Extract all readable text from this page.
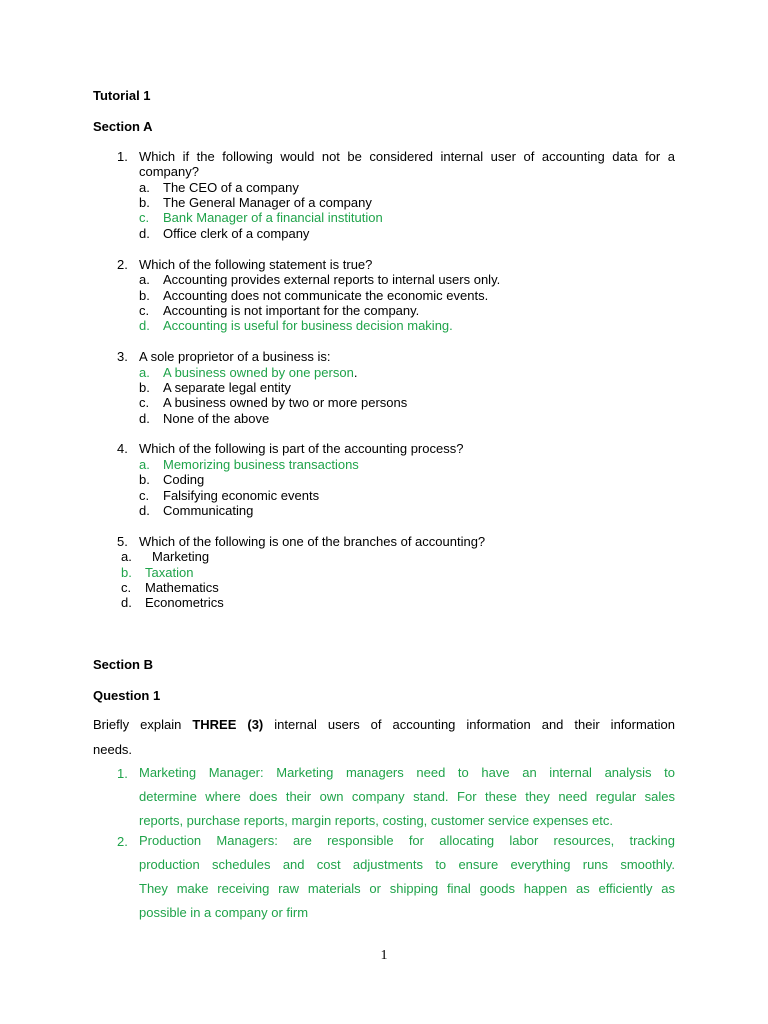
Tutorial 1
Section A
1. Which if the following would not be considered internal user of accounting data for a
company?
a. The CEO of a company
b. The General Manager of a company
c. Bank Manager of a financial institution
d. Office clerk of a company
2. Which of the following statement is true?
a. Accounting provides external reports to internal users only.
b. Accounting does not communicate the economic events.
c. Accounting is not important for the company.
d. Accounting is useful for business decision making.
3. A sole proprietor of a business is:
a. A business owned by one person.
b. A separate legal entity
c. A business owned by two or more persons
d. None of the above
4. Which of the following is part of the accounting process?
a. Memorizing business transactions
b. Coding
c. Falsifying economic events
d. Communicating
5. Which of the following is one of the branches of accounting?
a. Marketing
b. Taxation
c. Mathematics
d. Econometrics
Section B
Question 1
Briefly explain THREE (3) internal users of accounting information and their information
needs.
1. Marketing Manager: Marketing managers need to have an internal analysis to
determine where does their own company stand. For these they need regular sales
reports, purchase reports, margin reports, costing, customer service expenses etc.
2. Production Managers: are responsible for allocating labor resources, tracking
production schedules and cost adjustments to ensure everything runs smoothly.
They make receiving raw materials or shipping final goods happen as efficiently as
possible in a company or firm
1
